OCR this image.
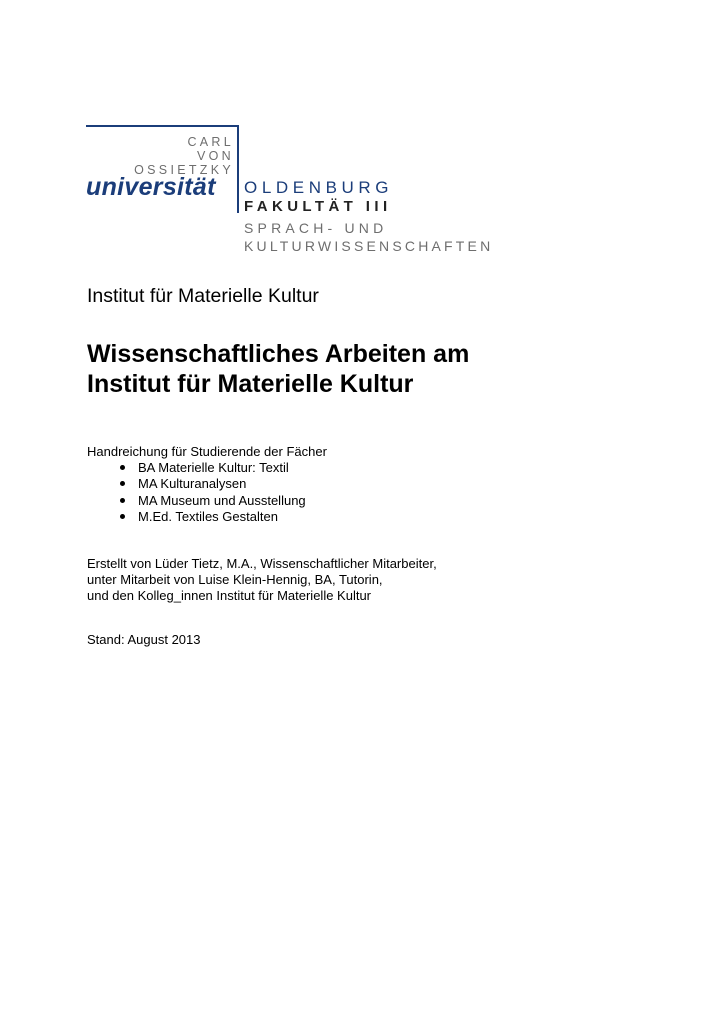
CARL
VON
OSSIETZKY
universität OLDENBURG
FAKULTÄT III
SPRACH- UND
KULTURWISSENSCHAFTEN
Institut für Materielle Kultur
Wissenschaftliches Arbeiten am
Institut für Materielle Kultur
Handreichung für Studierende der Fächer
BA Materielle Kultur: Textil
MA Kulturanalysen
MA Museum und Ausstellung
M.Ed. Textiles Gestalten
Erstellt von Lüder Tietz, M.A., Wissenschaftlicher Mitarbeiter,
unter Mitarbeit von Luise Klein-Hennig, BA, Tutorin,
und den Kolleg_innen Institut für Materielle Kultur
Stand: August 2013
